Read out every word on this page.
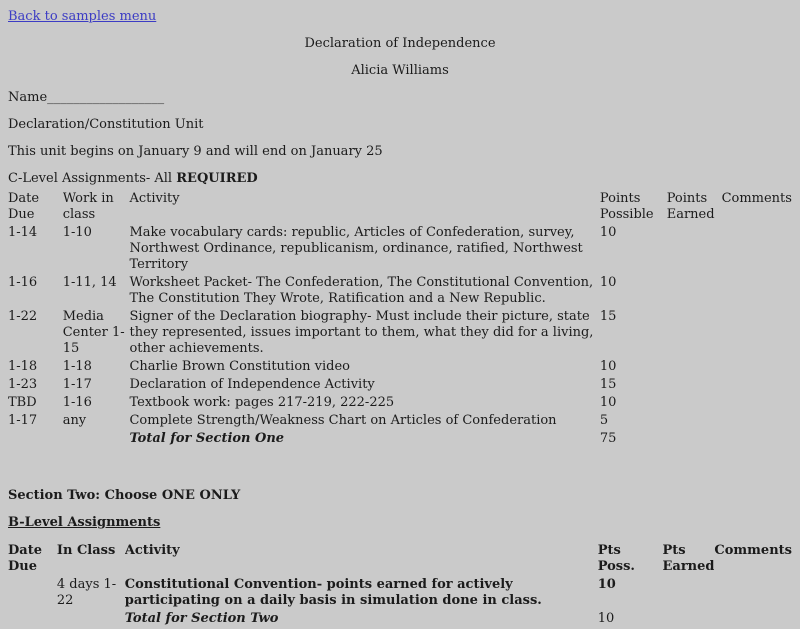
Back to samples menu

Declaration of Independence

Alicia Williams

Name__________________

Declaration/Constitution Unit

This unit begins on January 9 and will end on January 25

C-Level Assignments- All REQUIRED

Date Due	Work in class	Activity	Points Possible	Points Earned	Comments
1-14	1-10	Make vocabulary cards: republic, Articles of Confederation, survey, Northwest Ordinance, republicanism, ordinance, ratified, Northwest Territory	10		
1-16	1-11, 14	Worksheet Packet- The Confederation, The Constitutional Convention, The Constitution They Wrote, Ratification and a New Republic.	10		
1-22	Media Center 1-15	Signer of the Declaration biography- Must include their picture, state they represented, issues important to them, what they did for a living, other achievements.	15		
1-18	1-18	Charlie Brown Constitution video	10		
1-23	1-17	Declaration of Independence Activity	15		
TBD	1-16	Textbook work: pages 217-219, 222-225	10		
1-17	any	Complete Strength/Weakness Chart on Articles of Confederation	5		
		Total for Section One	75		

Section Two: Choose ONE ONLY

B-Level Assignments

Date Due	In Class	Activity	Pts Poss.	Pts Earned	Comments
	4 days 1-22	Constitutional Convention- points earned for actively participating on a daily basis in simulation done in class.	10		
		Total for Section Two	10		
